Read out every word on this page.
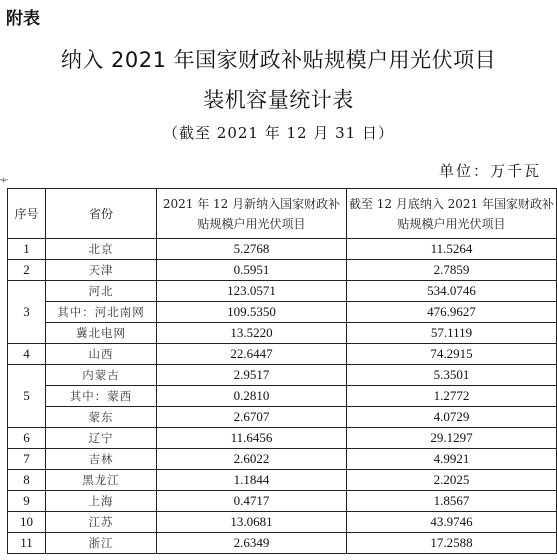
附表
纳入 2021 年国家财政补贴规模户用光伏项目
装机容量统计表
（截至 2021 年 12 月 31 日）
单位：万千瓦
+
序号	省份	2021 年 12 月新纳入国家财政补贴规模户用光伏项目	截至 12 月底纳入 2021 年国家财政补贴规模户用光伏项目
1	北京	5.2768	11.5264
2	天津	0.5951	2.7859
3	河北	123.0571	534.0746
	其中：河北南网	109.5350	476.9627
	冀北电网	13.5220	57.1119
4	山西	22.6447	74.2915
5	内蒙古	2.9517	5.3501
	其中：蒙西	0.2810	1.2772
	蒙东	2.6707	4.0729
6	辽宁	11.6456	29.1297
7	吉林	2.6022	4.9921
8	黑龙江	1.1844	2.2025
9	上海	0.4717	1.8567
10	江苏	13.0681	43.9746
11	浙江	2.6349	17.2588
